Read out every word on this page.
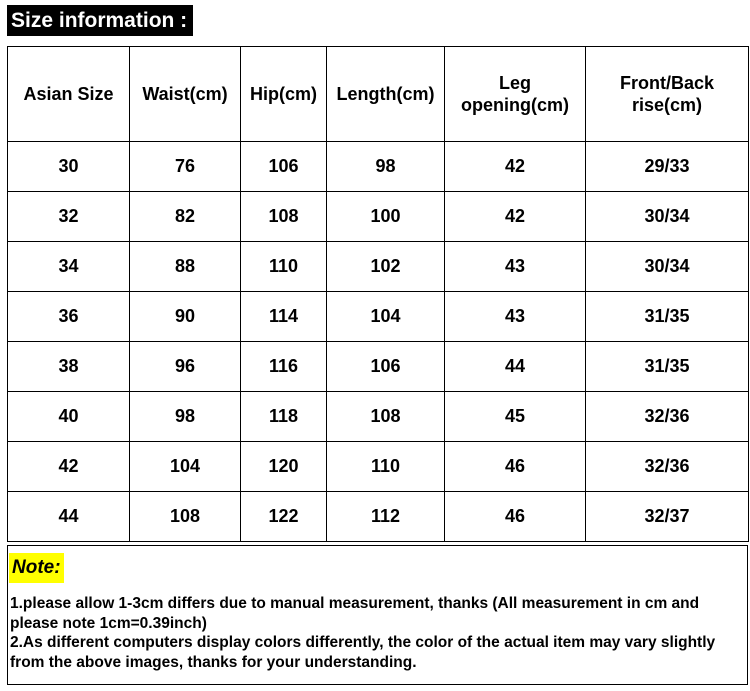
Size information :
Asian Size	Waist(cm)	Hip(cm)	Length(cm)	Leg opening(cm)	Front/Back rise(cm)
30	76	106	98	42	29/33
32	82	108	100	42	30/34
34	88	110	102	43	30/34
36	90	114	104	43	31/35
38	96	116	106	44	31/35
40	98	118	108	45	32/36
42	104	120	110	46	32/36
44	108	122	112	46	32/37
Note:
1.please allow 1-3cm differs due to manual measurement, thanks (All measurement in cm and please note 1cm=0.39inch)
2.As different computers display colors differently, the color of the actual item may vary slightly from the above images, thanks for your understanding.
